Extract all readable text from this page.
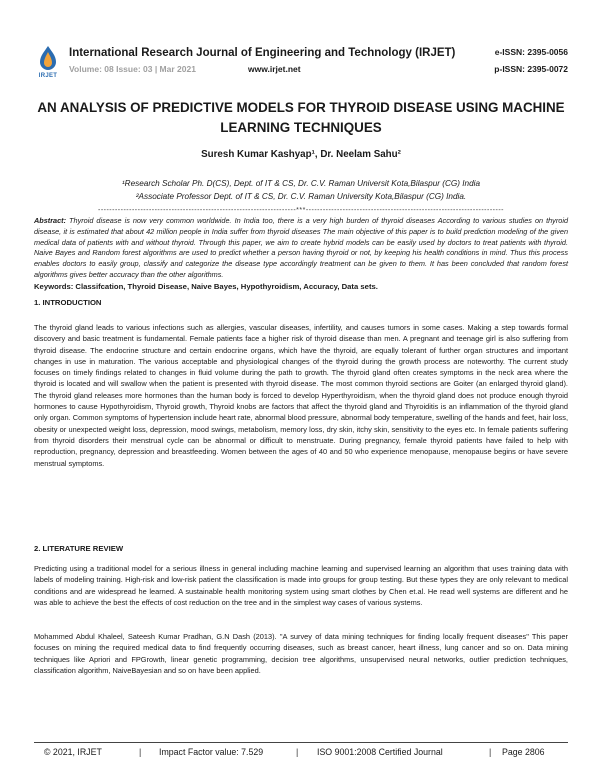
IRJET
International Research Journal of Engineering and Technology (IRJET)
Volume: 08 Issue: 03 | Mar 2021	www.irjet.net
e-ISSN: 2395-0056
p-ISSN: 2395-0072
AN ANALYSIS OF PREDICTIVE MODELS FOR THYROID DISEASE USING MACHINE LEARNING TECHNIQUES
Suresh Kumar Kashyap¹, Dr. Neelam Sahu²
¹Research Scholar Ph. D(CS), Dept. of IT & CS, Dr. C.V. Raman Universit Kota,Bilaspur (CG) India
²Associate Professor Dept. of IT & CS, Dr. C.V. Raman University Kota,Bilaspur (CG) India.
----------------------------------------------------------------------***----------------------------------------------------------------------
Abstract: Thyroid disease is now very common worldwide. In India too, there is a very high burden of thyroid diseases According to various studies on thyroid disease, it is estimated that about 42 million people in India suffer from thyroid diseases The main objective of this paper is to build prediction modeling of the given medical data of patients with and without thyroid. Through this paper, we aim to create hybrid models can be easily used by doctors to treat patients with thyroid. Naive Bayes and Random forest algorithms are used to predict whether a person having thyroid or not, by keeping his health conditions in mind. Thus this process enables doctors to easily group, classify and categorize the disease type accordingly treatment can be given to them. It has been concluded that random forest algorithms gives better accuracy than the other algorithms.
Keywords: Classifcation, Thyroid Disease, Naive Bayes, Hypothyroidism, Accuracy, Data sets.
1. INTRODUCTION
The thyroid gland leads to various infections such as allergies, vascular diseases, infertility, and causes tumors in some cases. Making a step towards formal discovery and basic treatment is fundamental. Female patients face a higher risk of thyroid disease than men. A pregnant and teenage girl is also suffering from thyroid disease. The endocrine structure and certain endocrine organs, which have the thyroid, are equally tolerant of further organ structures and important changes in use in maturation. The various acceptable and physiological changes of the thyroid during the growth process are noteworthy. The current study focuses on timely findings related to changes in fluid volume during the path to growth. The thyroid gland often creates symptoms in the neck area where the thyroid is located and will swallow when the patient is presented with thyroid disease. The most common thyroid sections are Goiter (an enlarged thyroid gland). The thyroid gland releases more hormones than the human body is forced to develop Hyperthyroidism, when the thyroid gland does not produce enough thyroid hormones to cause Hypothyroidism, Thyroid growth, Thyroid knobs are factors that affect the thyroid gland and Thyroiditis is an inflammation of the thyroid gland only organ. Common symptoms of hypertension include heart rate, abnormal blood pressure, abnormal body temperature, swelling of the hands and feet, hair loss, obesity or unexpected weight loss, depression, mood swings, metabolism, memory loss, dry skin, itchy skin, sensitivity to the eyes etc. In female patients suffering from thyroid disorders their menstrual cycle can be abnormal or difficult to menstruate. During pregnancy, female thyroid patients have failed to help with reproduction, pregnancy, depression and breastfeeding. Women between the ages of 40 and 50 who experience menopause, menopause begins or have severe menstrual symptoms.
2. LITERATURE REVIEW
Predicting using a traditional model for a serious illness in general including machine learning and supervised learning an algorithm that uses training data with labels of modeling training. High-risk and low-risk patient the classification is made into groups for group testing. But these types they are only relevant to medical conditions and are widespread he learned. A sustainable health monitoring system using smart clothes by Chen et.al. He read well systems are different and he was able to achieve the best the effects of cost reduction on the tree and in the simplest way cases of various systems.
Mohammed Abdul Khaleel, Sateesh Kumar Pradhan, G.N Dash (2013). "A survey of data mining techniques for finding locally frequent diseases" This paper focuses on mining the required medical data to find frequently occurring diseases, such as breast cancer, heart illness, lung cancer and so on. Data mining techniques like Apriori and FPGrowth, linear genetic programming, decision tree algorithms, unsupervised neural networks, outlier prediction techniques, classification algorithm, NaiveBayesian and so on have been applied.
© 2021, IRJET	| Impact Factor value: 7.529	| ISO 9001:2008 Certified Journal	| Page 2806
